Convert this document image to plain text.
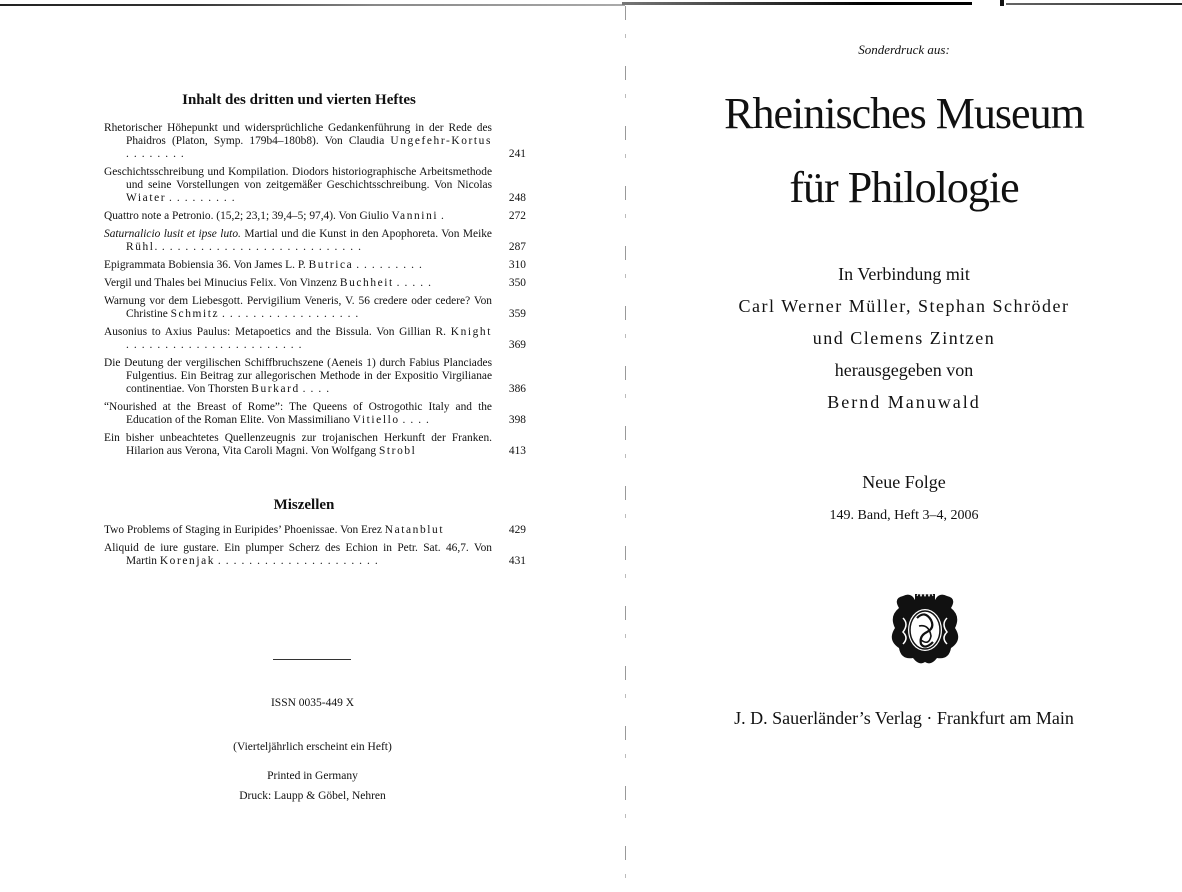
Inhalt des dritten und vierten Heftes
Rhetorischer Höhepunkt und widersprüchliche Gedankenführung in der Rede des Phaidros (Platon, Symp. 179b4–180b8). Von Claudia Ungefehr-Kortus ........	241
Geschichtsschreibung und Kompilation. Diodors historiographische Arbeitsmethode und seine Vorstellungen von zeitgemäßer Geschichtsschreibung. Von Nicolas Wiater .........	248
Quattro note a Petronio. (15,2; 23,1; 39,4–5; 97,4). Von Giulio Vannini .	272
Saturnalicio lusit et ipse luto. Martial und die Kunst in den Apophoreta. Von Meike Rühl. ..........................	287
Epigrammata Bobiensia 36. Von James L. P. Butrica .........	310
Vergil und Thales bei Minucius Felix. Von Vinzenz Buchheit .....	350
Warnung vor dem Liebesgott. Pervigilium Veneris, V. 56 credere oder cedere? Von Christine Schmitz ..................	359
Ausonius to Axius Paulus: Metapoetics and the Bissula. Von Gillian R. Knight .......................	369
Die Deutung der vergilischen Schiffbruchszene (Aeneis 1) durch Fabius Planciades Fulgentius. Ein Beitrag zur allegorischen Methode in der Expositio Virgilianae continentiae. Von Thorsten Burkard ....	386
“Nourished at the Breast of Rome”: The Queens of Ostrogothic Italy and the Education of the Roman Elite. Von Massimiliano Vitiello ....	398
Ein bisher unbeachtetes Quellenzeugnis zur trojanischen Herkunft der Franken. Hilarion aus Verona, Vita Caroli Magni. Von Wolfgang Strobl	413
Miszellen
Two Problems of Staging in Euripides’ Phoenissae. Von Erez Natanblut	429
Aliquid de iure gustare. Ein plumper Scherz des Echion in Petr. Sat. 46,7. Von Martin Korenjak .....................	431
ISSN 0035-449 X
(Vierteljährlich erscheint ein Heft)
Printed in Germany
Druck: Laupp & Göbel, Nehren
Sonderdruck aus:
Rheinisches Museum
für Philologie
In Verbindung mit
Carl Werner Müller, Stephan Schröder
und Clemens Zintzen
herausgegeben von
Bernd Manuwald
Neue Folge
149. Band, Heft 3–4, 2006
J. D. Sauerländer’s Verlag · Frankfurt am Main
